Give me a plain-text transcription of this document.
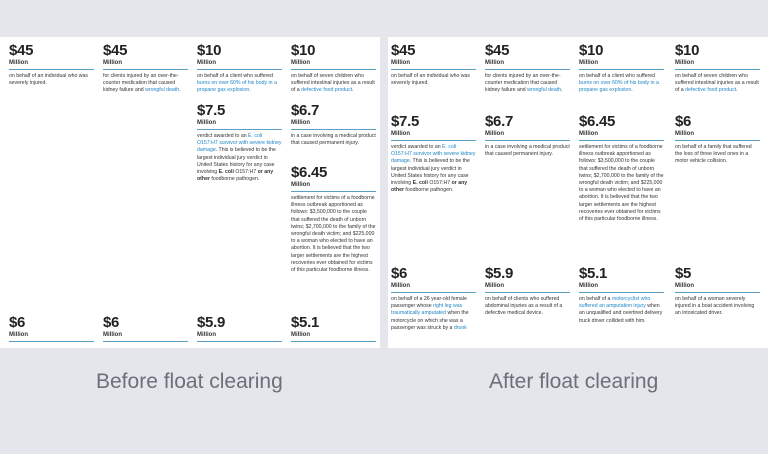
$45
Million
on behalf of an individual who was severely injured.
$45
Million
for clients injured by an over-the-counter medication that caused kidney failure and wrongful death.
$10
Million
on behalf of a client who suffered burns on over 60% of his body in a propane gas explosion.
$10
Million
on behalf of seven children who suffered intestinal injuries as a result of a defective food product.
$7.5
Million
verdict awarded to an E. coli O157:H7 survivor with severe kidney damage. This is believed to be the largest individual jury verdict in United States history for any case involving E. coli O157:H7 or any other foodborne pathogen.
$6.7
Million
in a case involving a medical product that caused permanent injury.
$6.45
Million
settlement for victims of a foodborne illness outbreak apportioned as follows: $3,500,000 to the couple that suffered the death of unborn twins; $2,700,000 to the family of the wrongful death victim; and $225,000 to a woman who elected to have an abortion. It is believed that the two larger settlements are the highest recoveries ever obtained for victims of this particular foodborne illness.
$6
Million
$6
Million
$5.9
Million
$5.1
Million
$45
Million
on behalf of an individual who was severely injured.
$45
Million
for clients injured by an over-the-counter medication that caused kidney failure and wrongful death.
$10
Million
on behalf of a client who suffered burns on over 60% of his body in a propane gas explosion.
$10
Million
on behalf of seven children who suffered intestinal injuries as a result of a defective food product.
$7.5
Million
verdict awarded to an E. coli O157:H7 survivor with severe kidney damage. This is believed to be the largest individual jury verdict in United States history for any case involving E. coli O157:H7 or any other foodborne pathogen.
$6.7
Million
in a case involving a medical product that caused permanent injury.
$6.45
Million
settlement for victims of a foodborne illness outbreak apportioned as follows: $3,500,000 to the couple that suffered the death of unborn twins; $2,700,000 to the family of the wrongful death victim; and $225,000 to a woman who elected to have an abortion. It is believed that the two larger settlements are the highest recoveries ever obtained for victims of this particular foodborne illness.
$6
Million
on behalf of a family that suffered the loss of three loved ones in a motor vehicle collision.
$6
Million
on behalf of a 26 year-old female passenger whose right leg was traumatically amputated when the motorcycle on which she was a passenger was struck by a drunk
$5.9
Million
on behalf of clients who suffered abdominal injuries as a result of a defective medical device.
$5.1
Million
on behalf of a motorcyclist who suffered an amputation injury when an unqualified and overtired delivery truck driver collided with him.
$5
Million
on behalf of a woman severely injured in a boat accident involving an intoxicated driver.
Before float clearing	After float clearing
